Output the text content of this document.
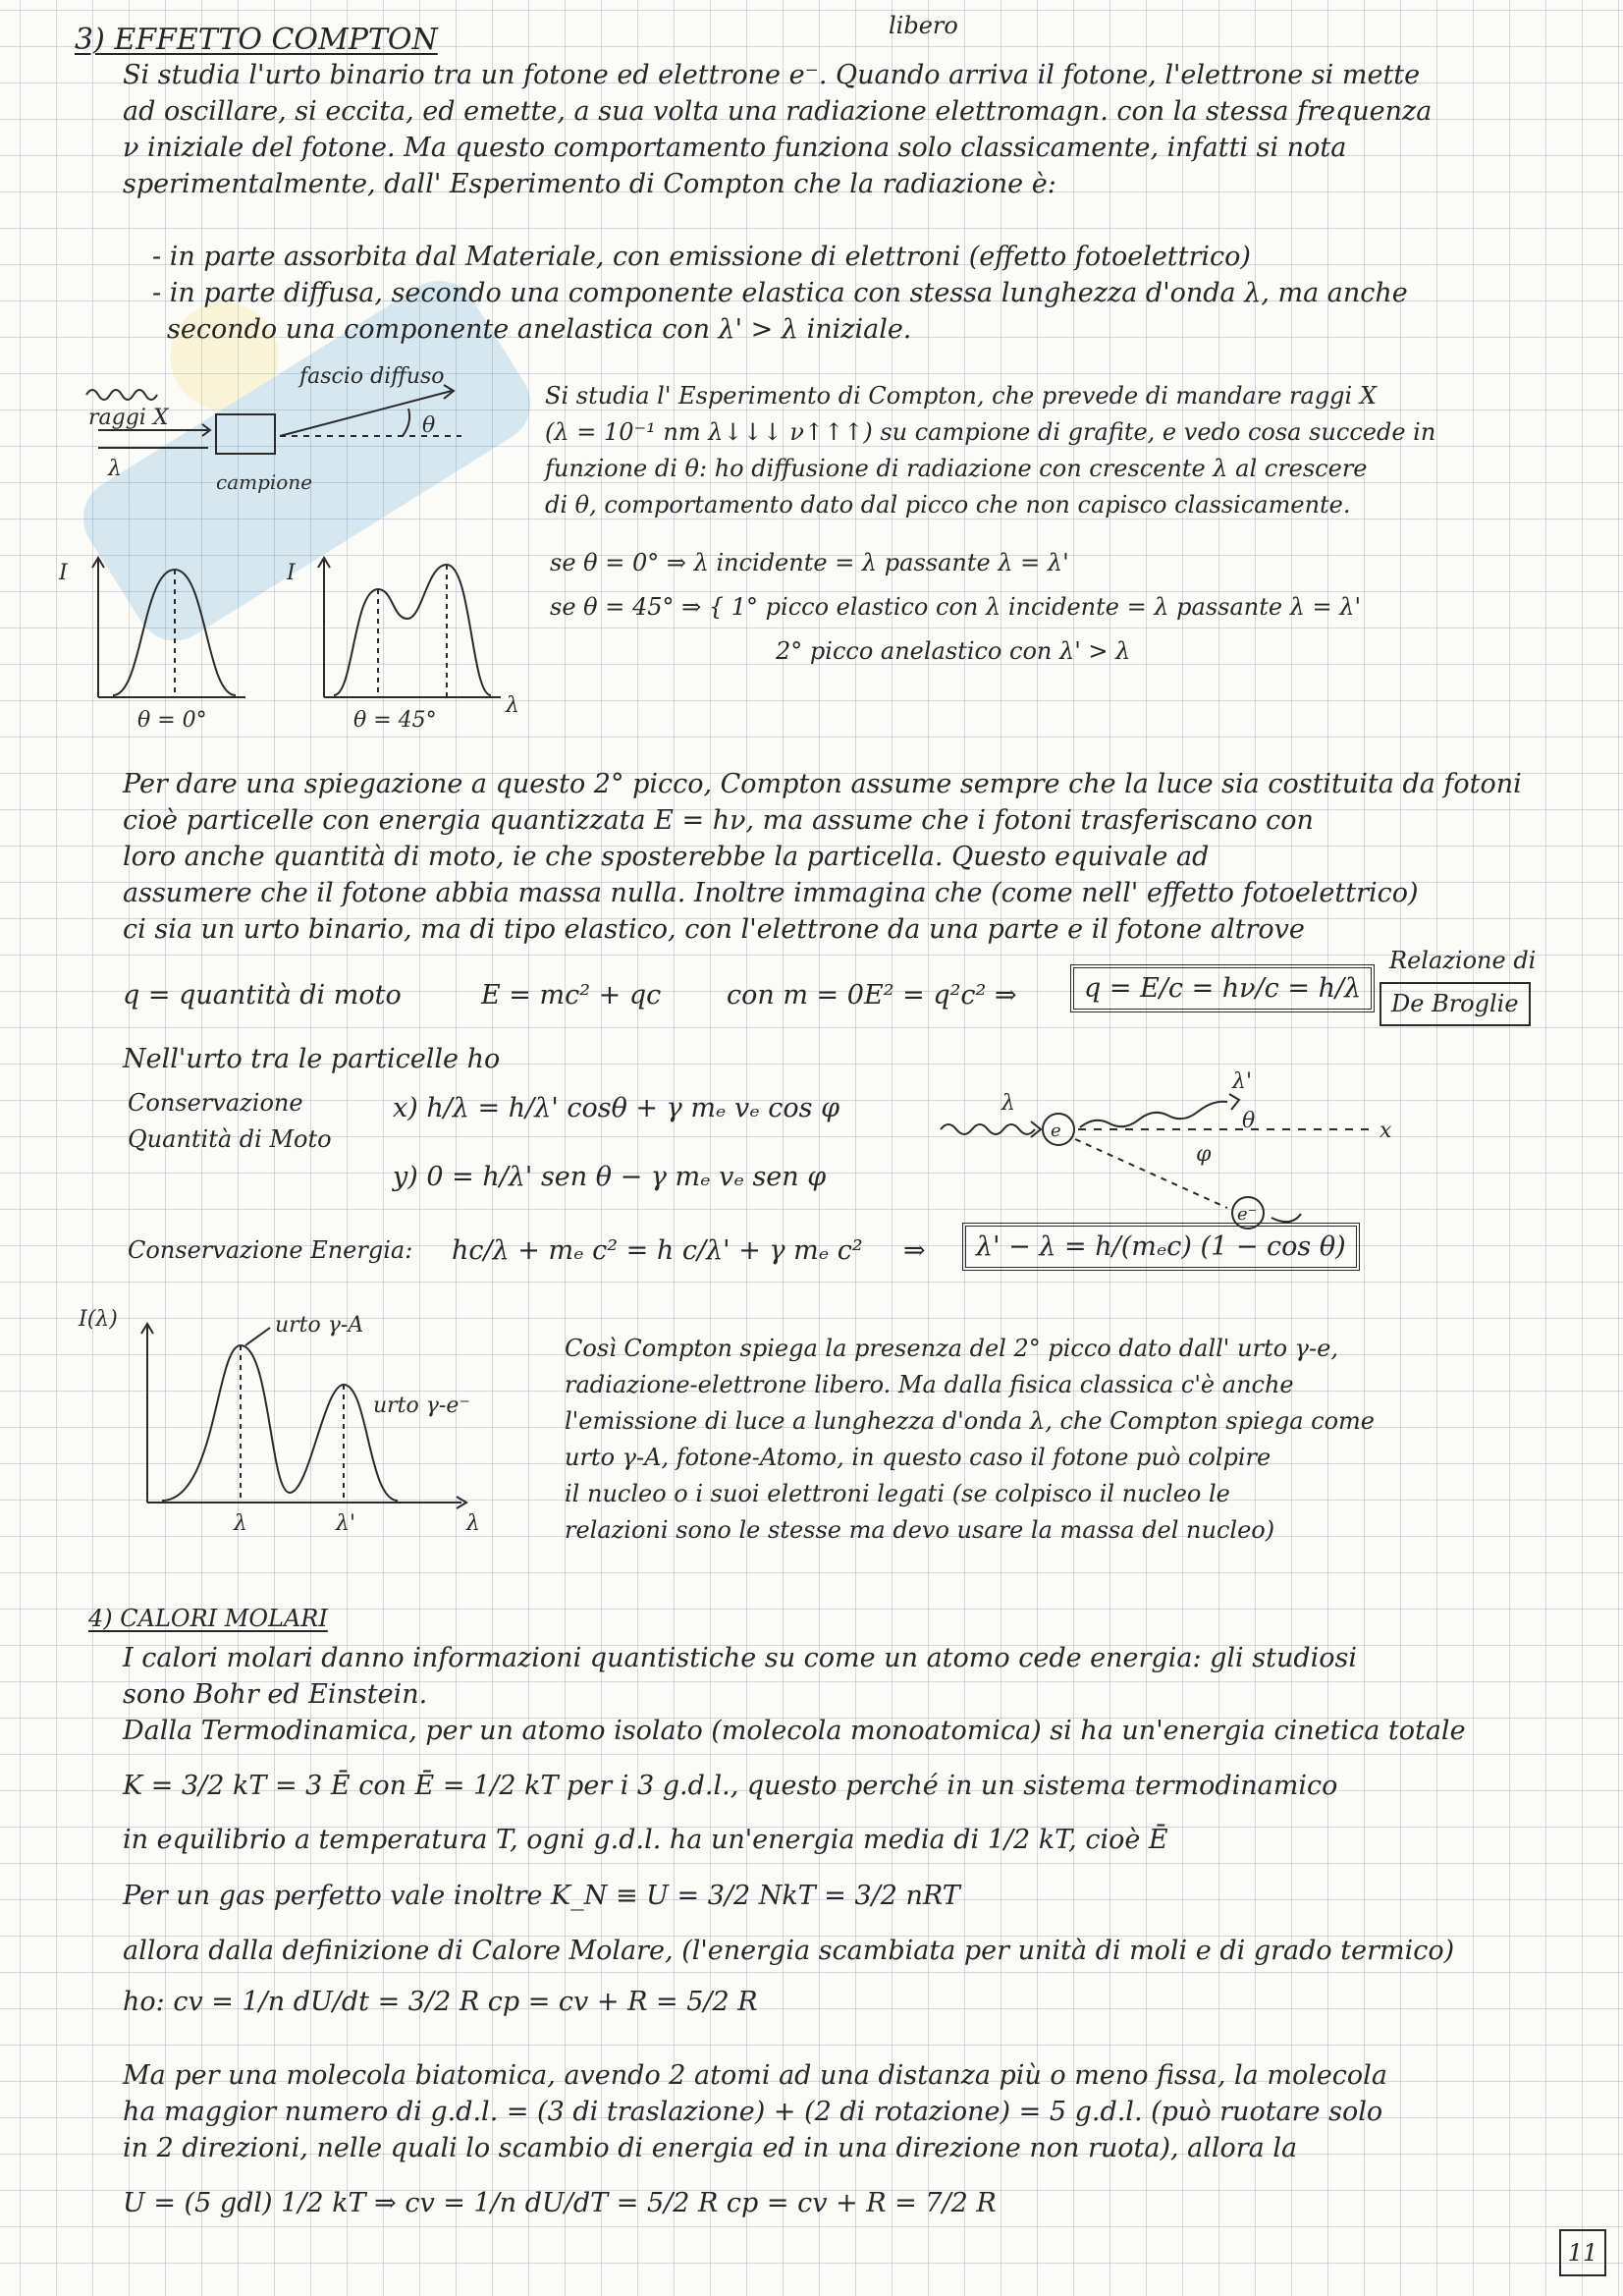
3) EFFETTO COMPTON	libero
Si studia l'urto binario tra un fotone ed elettrone e⁻. Quando arriva il fotone, l'elettrone si mette
ad oscillare, si eccita, ed emette, a sua volta una radiazione elettromagn. con la stessa frequenza
ν iniziale del fotone. Ma questo comportamento funziona solo classicamente, infatti si nota
sperimentalmente, dall' Esperimento di Compton che la radiazione è:
- in parte assorbita dal Materiale, con emissione di elettroni (effetto fotoelettrico)
- in parte diffusa, secondo una componente elastica con stessa lunghezza d'onda λ, ma anche
secondo una componente anelastica con λ' > λ iniziale.
raggi X
λ
fascio diffuso
θ
campione
I
θ = 0°
I
λ
θ = 45°
Si studia l' Esperimento di Compton, che prevede di mandare raggi X
(λ = 10⁻¹ nm λ↓↓↓ ν↑↑↑) su campione di grafite, e vedo cosa succede in
funzione di θ: ho diffusione di radiazione con crescente λ al crescere
di θ, comportamento dato dal picco che non capisco classicamente.
se θ = 0° ⇒ λ incidente = λ passante λ = λ'
se θ = 45° ⇒ { 1° picco elastico con λ incidente = λ passante λ = λ'
2° picco anelastico con λ' > λ
Per dare una spiegazione a questo 2° picco, Compton assume sempre che la luce sia costituita da fotoni
cioè particelle con energia quantizzata E = hν, ma assume che i fotoni trasferiscano con
loro anche quantità di moto, ie che sposterebbe la particella. Questo equivale ad
assumere che il fotone abbia massa nulla. Inoltre immagina che (come nell' effetto fotoelettrico)
ci sia un urto binario, ma di tipo elastico, con l'elettrone da una parte e il fotone altrove
q = quantità di moto	E = mc² + qc con m = 0 E² = q²c² ⇒	q = E/c = hν/c = h/λ
Relazione di
De Broglie
Nell'urto tra le particelle ho
Conservazione
Quantità di Moto
x) h/λ = h/λ' cosθ + γ mₑ vₑ cos φ
y) 0 = h/λ' sen θ − γ mₑ vₑ sen φ
λ
λ'
e
e⁻
θ
φ
x
Conservazione Energia: hc/λ + mₑ c² = h c/λ' + γ mₑ c² ⇒	λ' − λ = h/(mₑc) (1 − cos θ)
I(λ)	urto γ-A
urto γ-e⁻
λ	λ'	λ
Così Compton spiega la presenza del 2° picco dato dall' urto γ-e,
radiazione-elettrone libero. Ma dalla fisica classica c'è anche
l'emissione di luce a lunghezza d'onda λ, che Compton spiega come
urto γ-A, fotone-Atomo, in questo caso il fotone può colpire
il nucleo o i suoi elettroni legati (se colpisco il nucleo le
relazioni sono le stesse ma devo usare la massa del nucleo)
4) CALORI MOLARI
I calori molari danno informazioni quantistiche su come un atomo cede energia: gli studiosi
sono Bohr ed Einstein.
Dalla Termodinamica, per un atomo isolato (molecola monoatomica) si ha un'energia cinetica totale
K = 3/2 kT = 3 Ē con Ē = 1/2 kT per i 3 g.d.l., questo perché in un sistema termodinamico
in equilibrio a temperatura T, ogni g.d.l. ha un'energia media di 1/2 kT, cioè Ē
Per un gas perfetto vale inoltre K_N ≡ U = 3/2 NkT = 3/2 nRT
allora dalla definizione di Calore Molare, (l'energia scambiata per unità di moli e di grado termico)
ho: cv = 1/n dU/dt = 3/2 R cp = cv + R = 5/2 R
Ma per una molecola biatomica, avendo 2 atomi ad una distanza più o meno fissa, la molecola
ha maggior numero di g.d.l. = (3 di traslazione) + (2 di rotazione) = 5 g.d.l. (può ruotare solo
in 2 direzioni, nelle quali lo scambio di energia ed in una direzione non ruota), allora la
U = (5 gdl) 1/2 kT ⇒ cv = 1/n dU/dT = 5/2 R cp = cv + R = 7/2 R
11
